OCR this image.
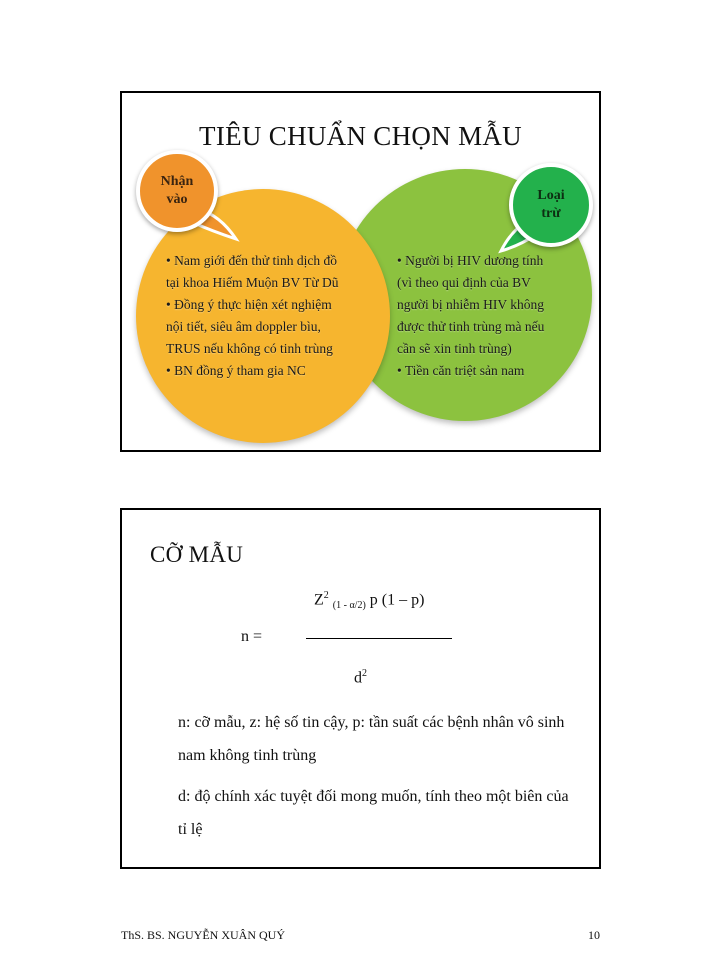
TIÊU CHUẨN CHỌN MẪU
Nhận
vào	Loại
trừ
• Nam giới đến thử tinh dịch đồ
tại khoa Hiếm Muộn BV Từ Dũ
• Đồng ý thực hiện xét nghiệm
nội tiết, siêu âm doppler bìu,
TRUS nếu không có tinh trùng
• BN đồng ý tham gia NC
• Người bị HIV dương tính
(vì theo qui định của BV
người bị nhiễm HIV không
được thử tinh trùng mà nếu
cần sẽ xin tinh trùng)
• Tiền căn triệt sản nam
CỠ MẪU
$Z^2$ $_{(1 - \alpha/2)}$ p (1 – p)
n =
$d^2$
n: cỡ mẫu, z: hệ số tin cậy, p: tần suất các bệnh nhân vô sinh nam không tinh trùng
d: độ chính xác tuyệt đối mong muốn, tính theo một biên của tỉ lệ
ThS. BS. NGUYỄN XUÂN QUÝ	10
